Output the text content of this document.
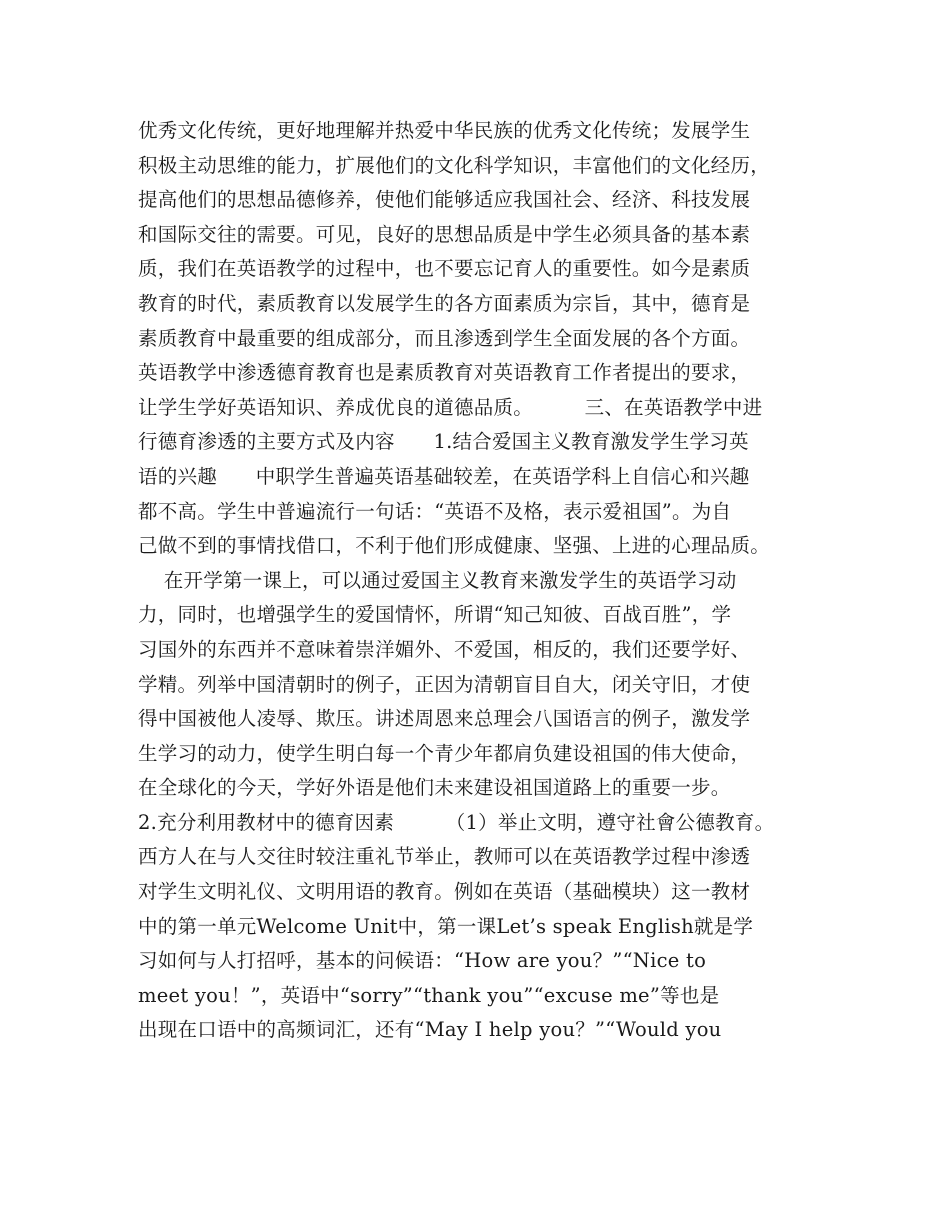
优秀文化传统，更好地理解并热爱中华民族的优秀文化传统；发展学生
积极主动思维的能力，扩展他们的文化科学知识，丰富他们的文化经历，
提高他们的思想品德修养，使他们能够适应我国社会、经济、科技发展
和国际交往的需要。可见，良好的思想品质是中学生必须具备的基本素
质，我们在英语教学的过程中，也不要忘记育人的重要性。如今是素质
教育的时代，素质教育以发展学生的各方面素质为宗旨，其中，德育是
素质教育中最重要的组成部分，而且渗透到学生全面发展的各个方面。
英语教学中渗透德育教育也是素质教育对英语教育工作者提出的要求，
让学生学好英语知识、养成优良的道德品质。        三、在英语教学中进
行德育渗透的主要方式及内容      1.结合爱国主义教育激发学生学习英
语的兴趣      中职学生普遍英语基础较差，在英语学科上自信心和兴趣
都不高。学生中普遍流行一句话：“英语不及格，表示爱祖国”。为自
己做不到的事情找借口，不利于他们形成健康、坚强、上进的心理品质。
在开学第一课上，可以通过爱国主义教育来激发学生的英语学习动
力，同时，也增强学生的爱国情怀，所谓“知己知彼、百战百胜”，学
习国外的东西并不意味着崇洋媚外、不爱国，相反的，我们还要学好、
学精。列举中国清朝时的例子，正因为清朝盲目自大，闭关守旧，才使
得中国被他人凌辱、欺压。讲述周恩来总理会八国语言的例子，激发学
生学习的动力，使学生明白每一个青少年都肩负建设祖国的伟大使命，
在全球化的今天，学好外语是他们未来建设祖国道路上的重要一步。
2.充分利用教材中的德育因素        （1）举止文明，遵守社會公德教育。
西方人在与人交往时较注重礼节举止，教师可以在英语教学过程中渗透
对学生文明礼仪、文明用语的教育。例如在英语（基础模块）这一教材
中的第一单元Welcome Unit中，第一课Let’s speak English就是学
习如何与人打招呼，基本的问候语：“How are you？”“Nice to
meet you！”，英语中“sorry”“thank you”“excuse me”等也是
出现在口语中的高频词汇，还有“May I help you？”“Would you
